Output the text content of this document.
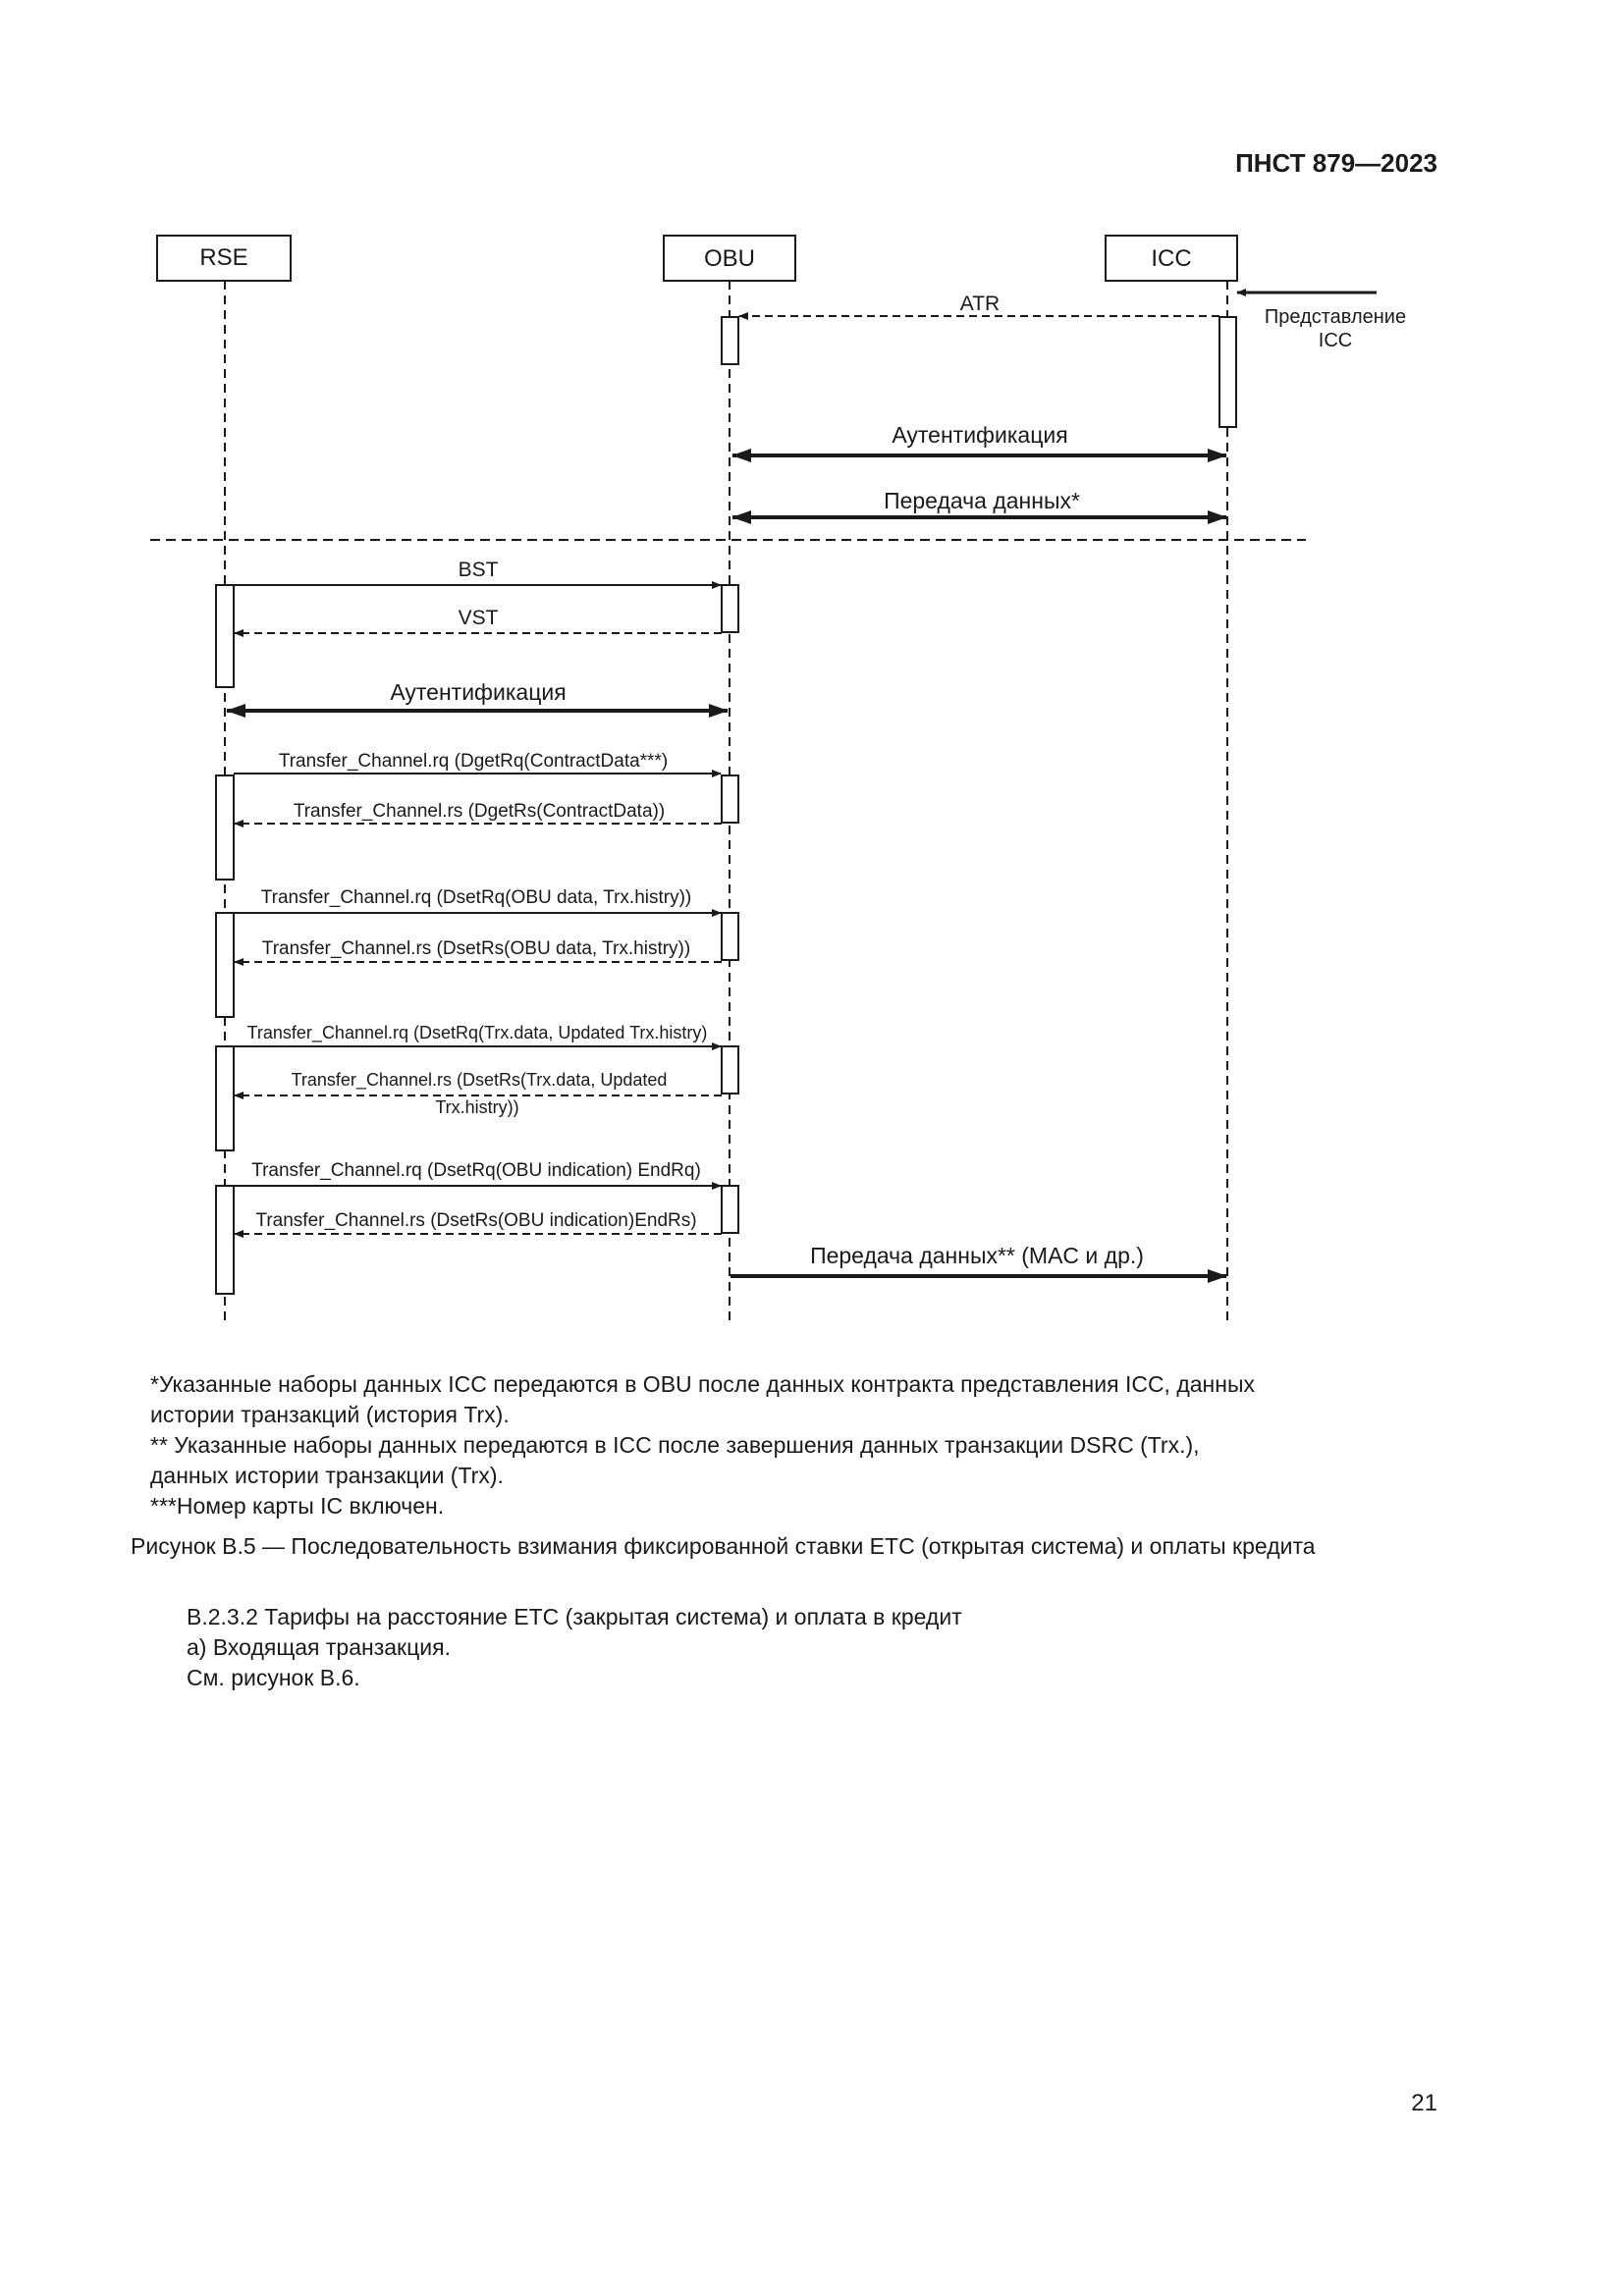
ПНСТ 879—2023
RSE	OBU	ICC
Представление
ICC
ATR
Аутентификация
Передача данных*
BST
VST
Аутентификация
Transfer_Channel.rq (DgetRq(ContractData***)
Transfer_Channel.rs (DgetRs(ContractData))
Transfer_Channel.rq (DsetRq(OBU data, Trx.histry))
Transfer_Channel.rs (DsetRs(OBU data, Trx.histry))
Transfer_Channel.rq (DsetRq(Trx.data, Updated Trx.histry)
Transfer_Channel.rs (DsetRs(Trx.data, Updated
Trx.histry))
Transfer_Channel.rq (DsetRq(OBU indication) EndRq)
Transfer_Channel.rs (DsetRs(OBU indication)EndRs)
Передача данных** (MAC и др.)
*Указанные наборы данных ICC передаются в OBU после данных контракта представления ICC, данных
истории транзакций (история Trx).
** Указанные наборы данных передаются в ICC после завершения данных транзакции DSRC (Trx.),
данных истории транзакции (Trx).
***Номер карты IC включен.
Рисунок В.5 — Последовательность взимания фиксированной ставки ETC (открытая система) и оплаты кредита
В.2.3.2 Тарифы на расстояние ETC (закрытая система) и оплата в кредит
а) Входящая транзакция.
См. рисунок В.6.
21
